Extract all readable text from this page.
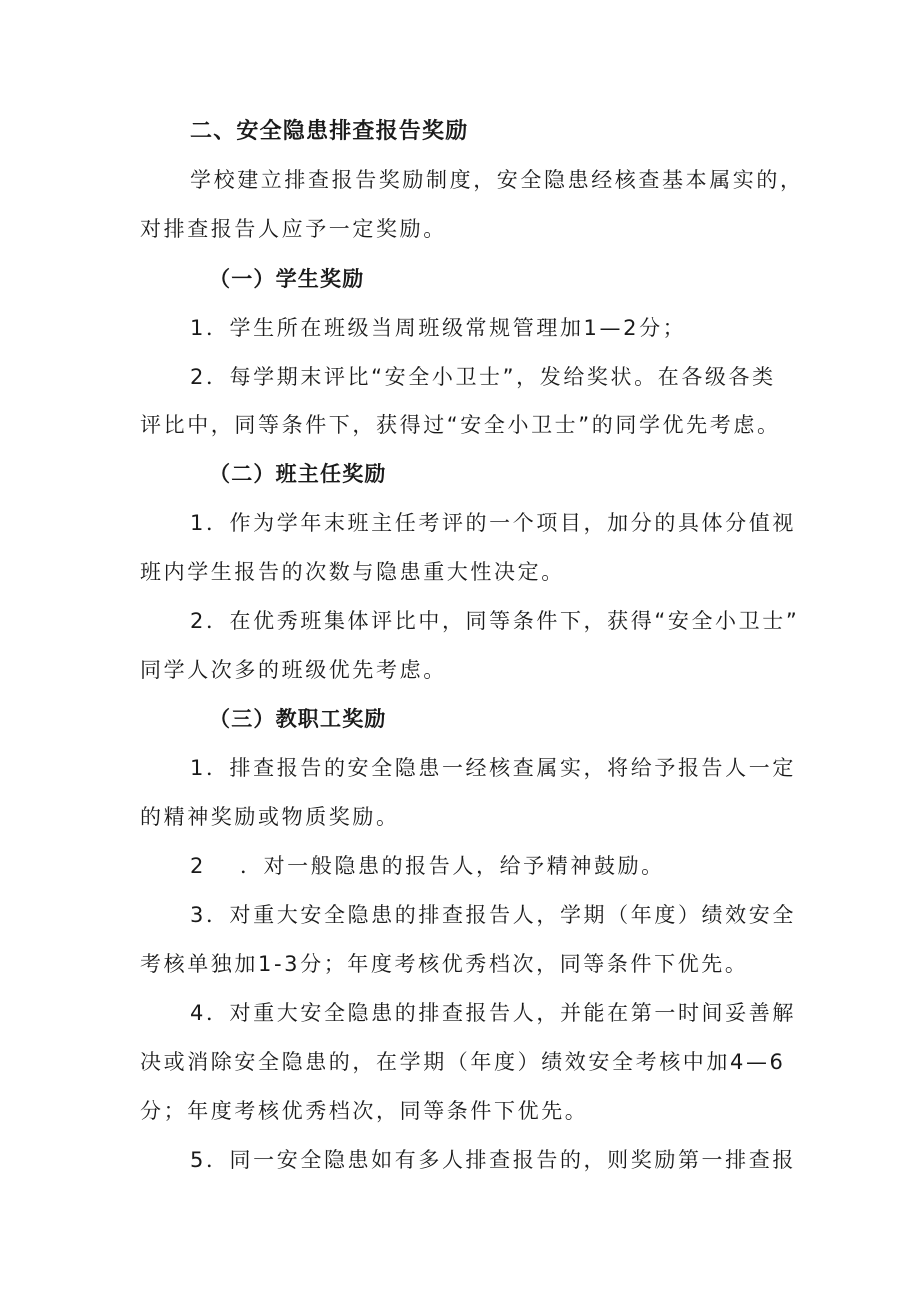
二、安全隐患排查报告奖励
学校建立排查报告奖励制度，安全隐患经核查基本属实的，
对排查报告人应予一定奖励。
（一）学生奖励
1．学生所在班级当周班级常规管理加1—2分；
2．每学期末评比“安全小卫士”，发给奖状。在各级各类
评比中，同等条件下，获得过“安全小卫士”的同学优先考虑。
（二）班主任奖励
1．作为学年末班主任考评的一个项目，加分的具体分值视
班内学生报告的次数与隐患重大性决定。
2．在优秀班集体评比中，同等条件下，获得“安全小卫士”
同学人次多的班级优先考虑。
（三）教职工奖励
1．排查报告的安全隐患一经核查属实，将给予报告人一定
的精神奖励或物质奖励。
2 ．对一般隐患的报告人，给予精神鼓励。
3．对重大安全隐患的排查报告人，学期（年度）绩效安全
考核单独加1-3分；年度考核优秀档次，同等条件下优先。
4．对重大安全隐患的排查报告人，并能在第一时间妥善解
决或消除安全隐患的，在学期（年度）绩效安全考核中加4—6
分；年度考核优秀档次，同等条件下优先。
5．同一安全隐患如有多人排查报告的，则奖励第一排查报
